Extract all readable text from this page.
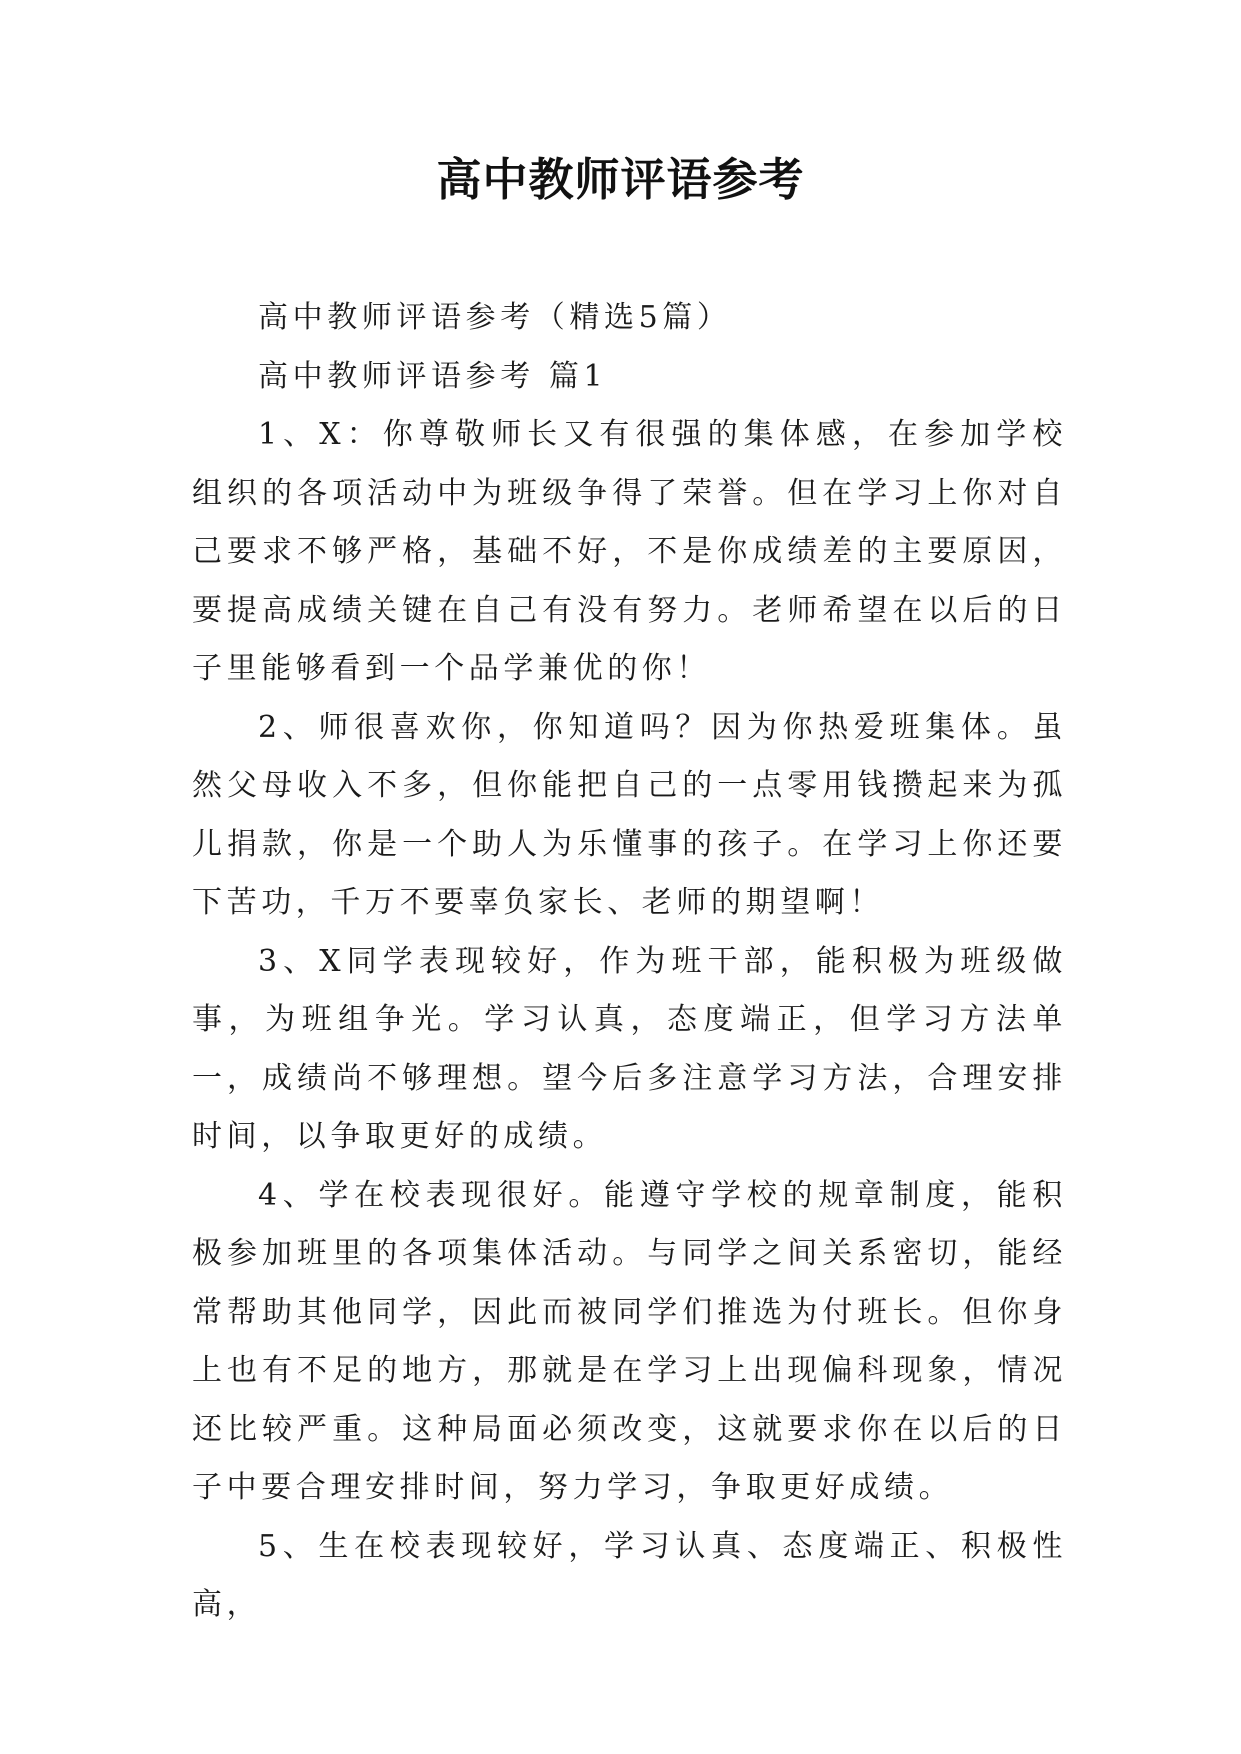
高中教师评语参考

高中教师评语参考（精选5篇）

高中教师评语参考 篇1

1、X：你尊敬师长又有很强的集体感，在参加学校组织的各项活动中为班级争得了荣誉。但在学习上你对自己要求不够严格，基础不好，不是你成绩差的主要原因，要提高成绩关键在自己有没有努力。老师希望在以后的日子里能够看到一个品学兼优的你！

2、师很喜欢你，你知道吗？因为你热爱班集体。虽然父母收入不多，但你能把自己的一点零用钱攒起来为孤儿捐款，你是一个助人为乐懂事的孩子。在学习上你还要下苦功，千万不要辜负家长、老师的期望啊！

3、X同学表现较好，作为班干部，能积极为班级做事，为班组争光。学习认真，态度端正，但学习方法单一，成绩尚不够理想。望今后多注意学习方法，合理安排时间，以争取更好的成绩。

4、学在校表现很好。能遵守学校的规章制度，能积极参加班里的各项集体活动。与同学之间关系密切，能经常帮助其他同学，因此而被同学们推选为付班长。但你身上也有不足的地方，那就是在学习上出现偏科现象，情况还比较严重。这种局面必须改变，这就要求你在以后的日子中要合理安排时间，努力学习，争取更好成绩。

5、生在校表现较好，学习认真、态度端正、积极性高，
